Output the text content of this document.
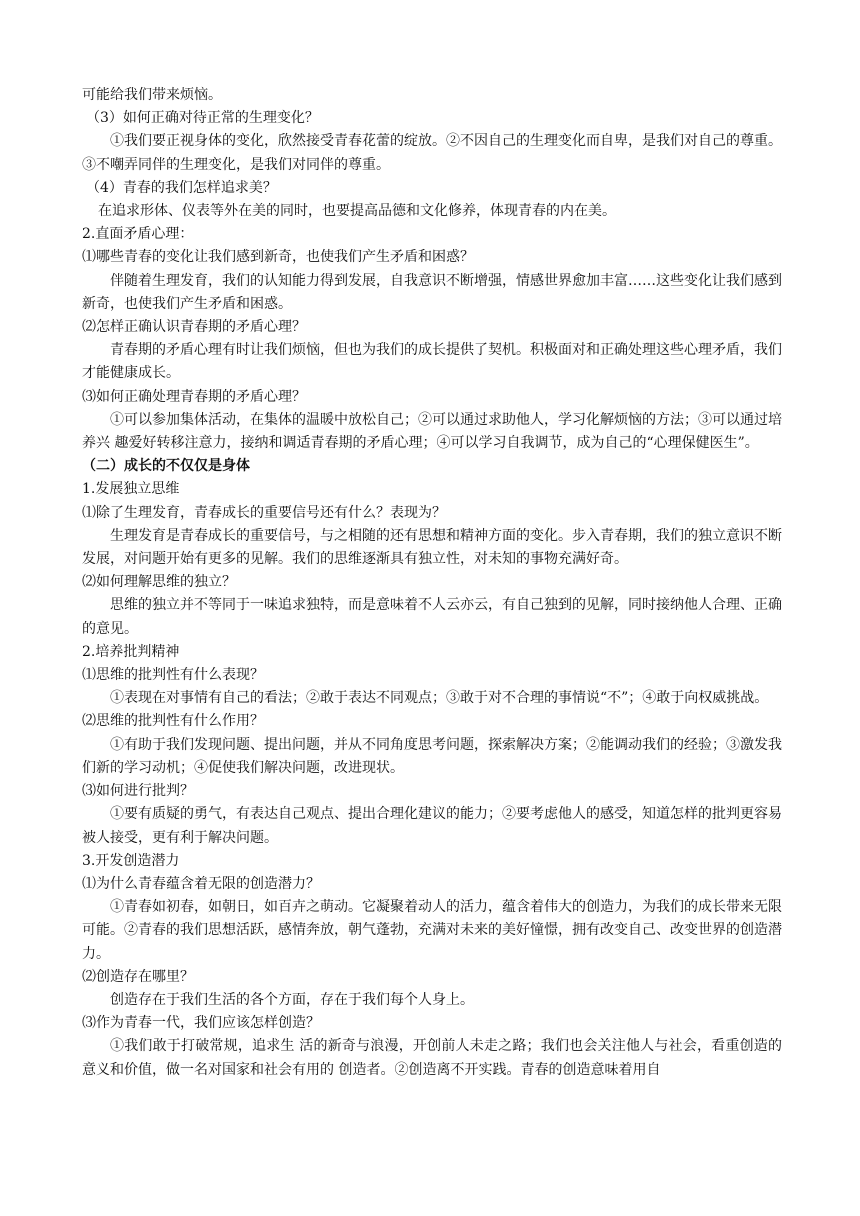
可能给我们带来烦恼。

（3）如何正确对待正常的生理变化？

①我们要正视身体的变化，欣然接受青春花蕾的绽放。②不因自己的生理变化而自卑，是我们对自己的尊重。③不嘲弄同伴的生理变化，是我们对同伴的尊重。

（4）青春的我们怎样追求美？

在追求形体、仪表等外在美的同时，也要提高品德和文化修养，体现青春的内在美。

2.直面矛盾心理：

⑴哪些青春的变化让我们感到新奇，也使我们产生矛盾和困惑？

伴随着生理发育，我们的认知能力得到发展，自我意识不断增强，情感世界愈加丰富……这些变化让我们感到新奇，也使我们产生矛盾和困惑。

⑵怎样正确认识青春期的矛盾心理？

青春期的矛盾心理有时让我们烦恼，但也为我们的成长提供了契机。积极面对和正确处理这些心理矛盾，我们才能健康成长。

⑶如何正确处理青春期的矛盾心理？

①可以参加集体活动，在集体的温暖中放松自己；②可以通过求助他人，学习化解烦恼的方法；③可以通过培养兴 趣爱好转移注意力，接纳和调适青春期的矛盾心理；④可以学习自我调节，成为自己的“心理保健医生”。

（二）成长的不仅仅是身体

1.发展独立思维

⑴除了生理发育，青春成长的重要信号还有什么？表现为？

生理发育是青春成长的重要信号，与之相随的还有思想和精神方面的变化。步入青春期，我们的独立意识不断发展，对问题开始有更多的见解。我们的思维逐渐具有独立性，对未知的事物充满好奇。

⑵如何理解思维的独立？

思维的独立并不等同于一味追求独特，而是意味着不人云亦云，有自己独到的见解，同时接纳他人合理、正确的意见。

2.培养批判精神

⑴思维的批判性有什么表现？

①表现在对事情有自己的看法；②敢于表达不同观点；③敢于对不合理的事情说“不”；④敢于向权威挑战。

⑵思维的批判性有什么作用？

①有助于我们发现问题、提出问题，并从不同角度思考问题，探索解决方案；②能调动我们的经验；③激发我们新的学习动机；④促使我们解决问题，改进现状。

⑶如何进行批判？

①要有质疑的勇气，有表达自己观点、提出合理化建议的能力；②要考虑他人的感受，知道怎样的批判更容易被人接受，更有利于解决问题。

3.开发创造潜力

⑴为什么青春蕴含着无限的创造潜力？

①青春如初春，如朝日，如百卉之萌动。它凝聚着动人的活力，蕴含着伟大的创造力，为我们的成长带来无限可能。②青春的我们思想活跃，感情奔放，朝气蓬勃，充满对未来的美好憧憬，拥有改变自己、改变世界的创造潜力。

⑵创造存在哪里？

创造存在于我们生活的各个方面，存在于我们每个人身上。

⑶作为青春一代，我们应该怎样创造？

①我们敢于打破常规，追求生 活的新奇与浪漫，开创前人未走之路；我们也会关注他人与社会，看重创造的意义和价值，做一名对国家和社会有用的 创造者。②创造离不开实践。青春的创造意味着用自
